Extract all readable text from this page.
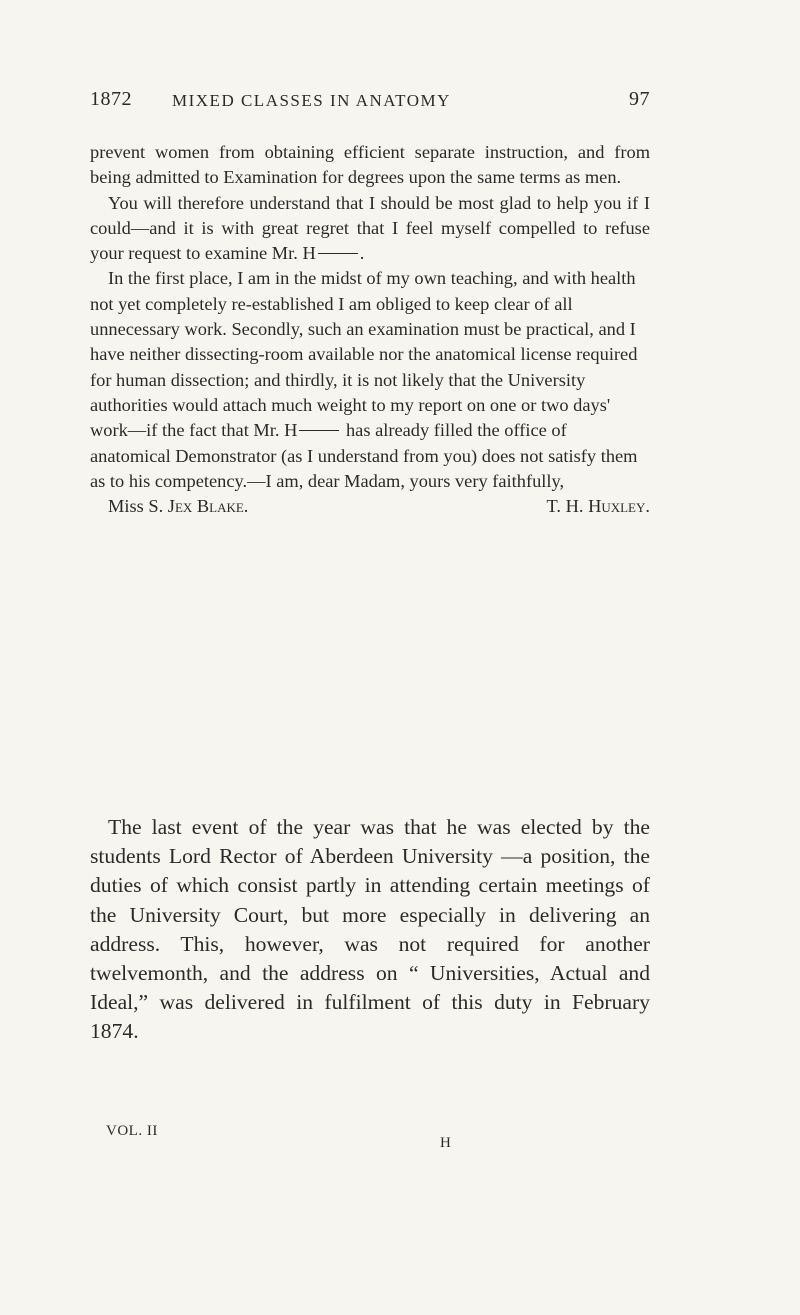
1872 MIXED CLASSES IN ANATOMY	97

prevent women from obtaining efficient separate instruction, and from being admitted to Examination for degrees upon the same terms as men.

You will therefore understand that I should be most glad to help you if I could—and it is with great regret that I feel myself compelled to refuse your request to examine Mr. H .

In the first place, I am in the midst of my own teaching, and with health not yet completely re-established I am obliged to keep clear of all unnecessary work. Secondly, such an examination must be practical, and I have neither dissecting-room available nor the anatomical license required for human dissection; and thirdly, it is not likely that the University authorities would attach much weight to my report on one or two days' work—if the fact that Mr. H has already filled the office of anatomical Demonstrator (as I understand from you) does not satisfy them as to his competency.—I am, dear Madam, yours very faithfully,
T. H. Huxley.

Miss S. Jex Blake.

The last event of the year was that he was elected by the students Lord Rector of Aberdeen University —a position, the duties of which consist partly in attending certain meetings of the University Court, but more especially in delivering an address. This, however, was not required for another twelvemonth, and the address on “ Universities, Actual and Ideal,” was delivered in fulfilment of this duty in February 1874.

VOL. II
H
